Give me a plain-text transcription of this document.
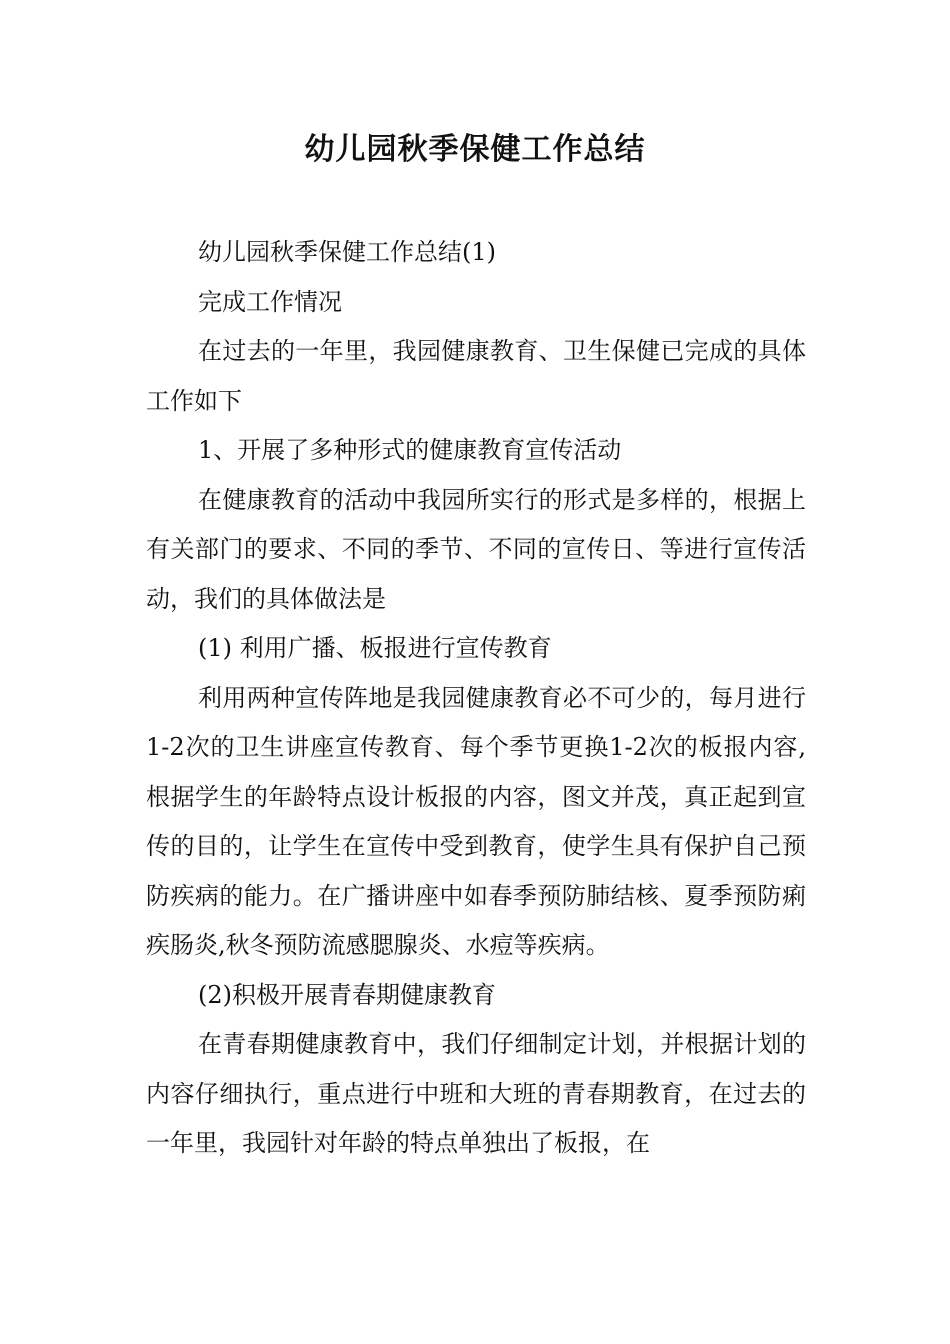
幼儿园秋季保健工作总结

幼儿园秋季保健工作总结(1)

完成工作情况

在过去的一年里，我园健康教育、卫生保健已完成的具体工作如下

1、开展了多种形式的健康教育宣传活动

在健康教育的活动中我园所实行的形式是多样的，根据上有关部门的要求、不同的季节、不同的宣传日、等进行宣传活动，我们的具体做法是

(1) 利用广播、板报进行宣传教育

利用两种宣传阵地是我园健康教育必不可少的，每月进行1-2次的卫生讲座宣传教育、每个季节更换1-2次的板报内容,根据学生的年龄特点设计板报的内容，图文并茂，真正起到宣传的目的，让学生在宣传中受到教育，使学生具有保护自己预防疾病的能力。在广播讲座中如春季预防肺结核、夏季预防痢疾肠炎,秋冬预防流感腮腺炎、水痘等疾病。

(2)积极开展青春期健康教育

在青春期健康教育中，我们仔细制定计划，并根据计划的内容仔细执行，重点进行中班和大班的青春期教育，在过去的一年里，我园针对年龄的特点单独出了板报，在
